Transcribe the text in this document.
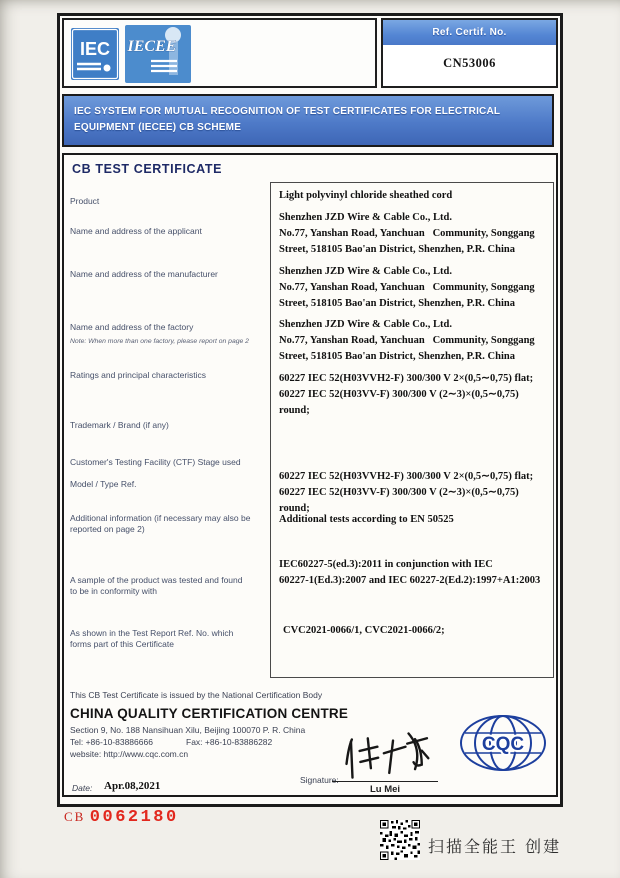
IEC IECEE
Ref. Certif. No.
CN53006
IEC SYSTEM FOR MUTUAL RECOGNITION OF TEST CERTIFICATES FOR ELECTRICAL EQUIPMENT (IECEE) CB SCHEME
CB TEST CERTIFICATE
Product
Name and address of the applicant
Name and address of the manufacturer
Name and address of the factory
Note: When more than one factory, please report on page 2
Ratings and principal characteristics
Trademark / Brand (if any)
Customer's Testing Facility (CTF) Stage used
Model / Type Ref.
Additional information (if necessary may also be reported on page 2)
A sample of the product was tested and found to be in conformity with
As shown in the Test Report Ref. No. which forms part of this Certificate
Light polyvinyl chloride sheathed cord
Shenzhen JZD Wire & Cable Co., Ltd.
No.77, Yanshan Road, Yanchuan   Community, Songgang
Street, 518105 Bao'an District, Shenzhen, P.R. China
Shenzhen JZD Wire & Cable Co., Ltd.
No.77, Yanshan Road, Yanchuan   Community, Songgang
Street, 518105 Bao'an District, Shenzhen, P.R. China
Shenzhen JZD Wire & Cable Co., Ltd.
No.77, Yanshan Road, Yanchuan   Community, Songgang
Street, 518105 Bao'an District, Shenzhen, P.R. China
60227 IEC 52(H03VVH2-F) 300/300 V 2×(0,5∼0,75) flat;
60227 IEC 52(H03VV-F) 300/300 V (2∼3)×(0,5∼0,75) round;
60227 IEC 52(H03VVH2-F) 300/300 V 2×(0,5∼0,75) flat;
60227 IEC 52(H03VV-F) 300/300 V (2∼3)×(0,5∼0,75) round;
Additional tests according to EN 50525
IEC60227-5(ed.3):2011 in conjunction with IEC
60227-1(Ed.3):2007 and IEC 60227-2(Ed.2):1997+A1:2003
CVC2021-0066/1, CVC2021-0066/2;
This CB Test Certificate is issued by the National Certification Body
CHINA QUALITY CERTIFICATION CENTRE
Section 9, No. 188 Nansihuan Xilu, Beijing 100070 P. R. China
Tel: +86-10-83886666	Fax: +86-10-83886282
website: http://www.cqc.com.cn
Date: Apr.08,2021	Signature:
Lu Mei
CQC
CB 0062180
扫描全能王 创建
